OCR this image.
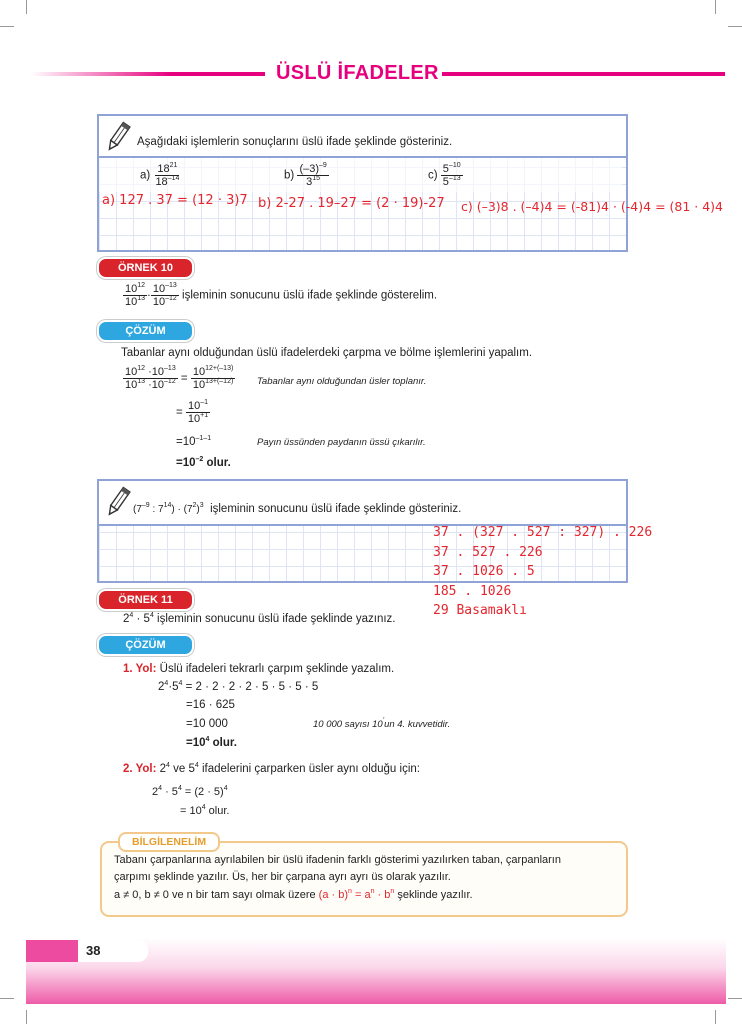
ÜSLÜ İFADELER
Aşağıdaki işlemlerin sonuçlarını üslü ifade şeklinde gösteriniz.
$a) \frac{18^{21}}{18^{-14}}$	$b) \frac{(-3)^{-9}}{3^{15}}$	$c) \frac{5^{-10}}{5^{-13}}$
a) 127 . 37 = (12 · 3)7 b) 2-27 . 19–27 = (2 · 19)-27 c) (–3)8 . (–4)4 = (-81)4 · (-4)4 = (81 · 4)4
ÖRNEK 10
$\frac{10^{12}}{10^{13}} \cdot \frac{10^{-13}}{10^{-12}}$ işleminin sonucunu üslü ifade şeklinde gösterelim.
ÇÖZÜM
Tabanlar aynı olduğundan üslü ifadelerdeki çarpma ve bölme işlemlerini yapalım.
$\frac{10^{12} \cdot 10^{-13}}{10^{13} \cdot 10^{-12}} = \frac{10^{12+(-13)}}{10^{13+(-12)}}$ Tabanlar aynı olduğundan üsler toplanır.
= $\frac{10^{-1}}{10^{+1}}$
$=10^{-1-1}$	Payın üssünden paydanın üssü çıkarılır.
$=10^{-2}$ olur.
($7^{-9}$ : $7^{14}) \cdot (7^2)^3$ işleminin sonucunu üslü ifade şeklinde gösteriniz.
37 . (327 . 527 : 327) . 226
37 . 527 . 226
37 . 1026 . 5
185 . 1026
29 Basamaklı
ÖRNEK 11
$2^4 \cdot 5^4$ işleminin sonucunu üslü ifade şeklinde yazınız.
ÇÖZÜM
1. Yol: Üslü ifadeleri tekrarlı çarpım şeklinde yazalım.
$2^4\cdot 5^4 = 2 \cdot 2 \cdot 2 \cdot 2 \cdot 5 \cdot 5 \cdot 5 \cdot 5$
=16 · 625
=10 000	10 000 sayısı 10'un 4. kuvvetidir.
$=10^4$ olur.
2. Yol: $2^4$ ve $5^4$ ifadelerini çarparken üsler aynı olduğu için:
$2^4 \cdot 5^4 = (2 \cdot 5)^4$
= $10^4$ olur.
BİLGİLENELİM
Tabanı çarpanlarına ayrılabilen bir üslü ifadenin farklı gösterimi yazılırken taban, çarpanların
çarpımı şeklinde yazılır. Üs, her bir çarpana ayrı ayrı üs olarak yazılır.
a ≠ 0, b ≠ 0 ve n bir tam sayı olmak üzere $(a \cdot b)^n = a^n \cdot b^n$ şeklinde yazılır.
38
